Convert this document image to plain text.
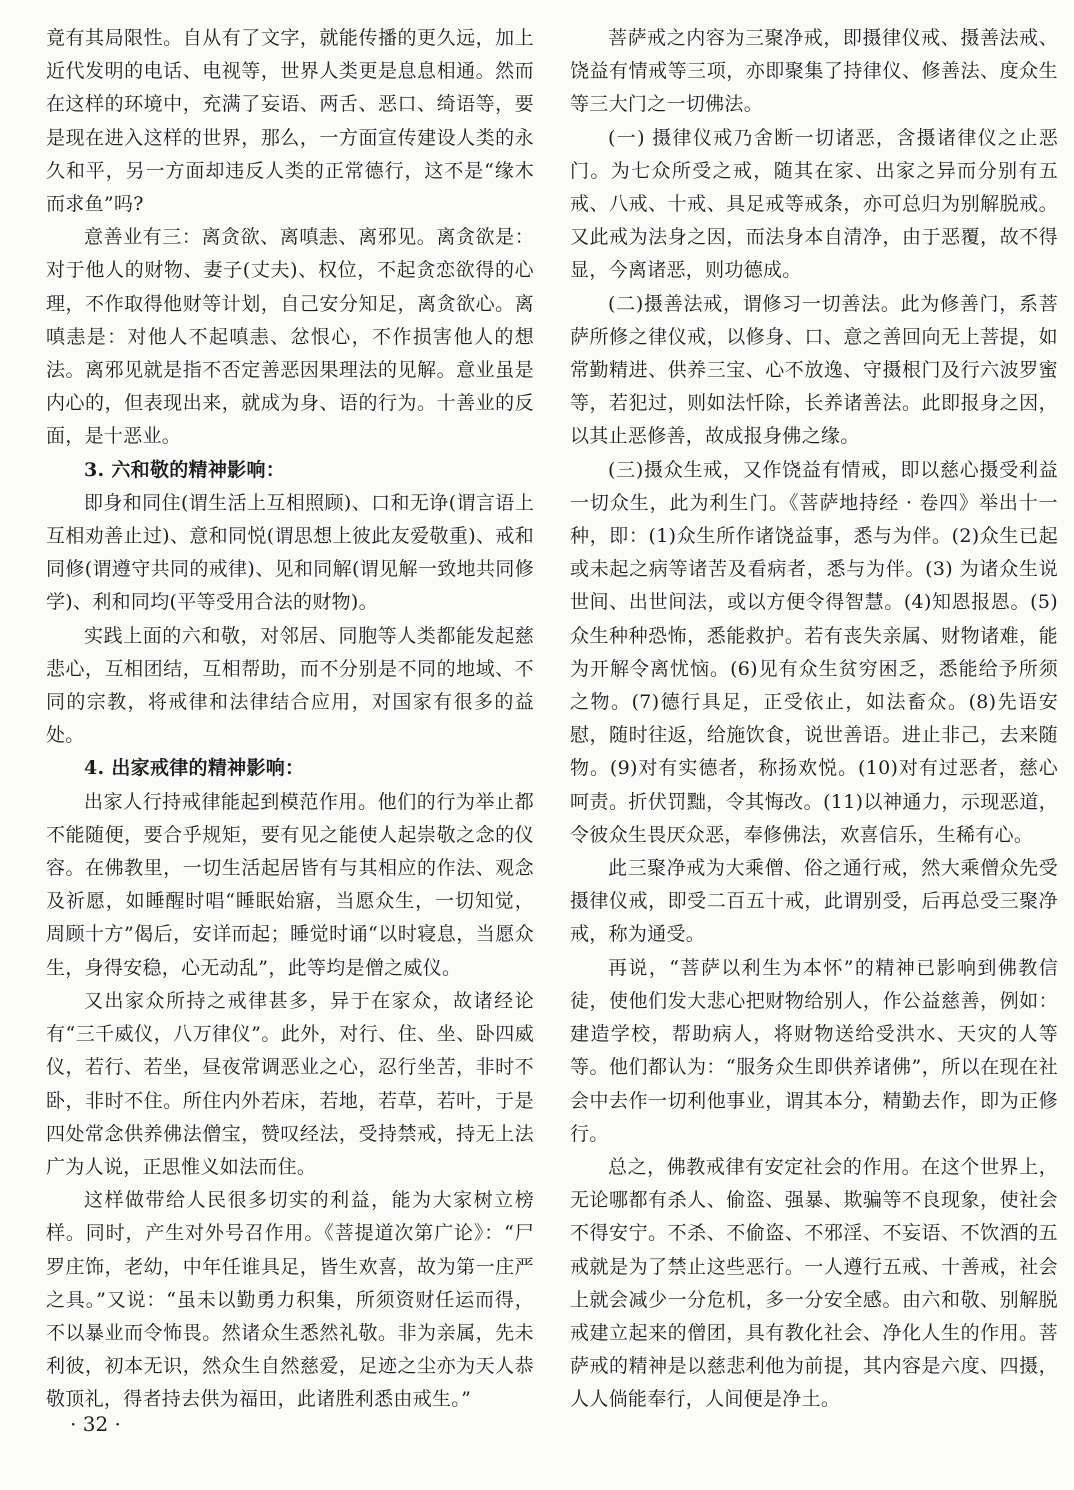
竟有其局限性。自从有了文字，就能传播的更久远，加上近代发明的电话、电视等，世界人类更是息息相通。然而在这样的环境中，充满了妄语、两舌、恶口、绮语等，要是现在进入这样的世界，那么，一方面宣传建设人类的永久和平，另一方面却违反人类的正常德行，这不是“缘木而求鱼”吗?

意善业有三：离贪欲、离嗔恚、离邪见。离贪欲是：对于他人的财物、妻子(丈夫)、权位，不起贪恋欲得的心理，不作取得他财等计划，自己安分知足，离贪欲心。离嗔恚是：对他人不起嗔恚、忿恨心，不作损害他人的想法。离邪见就是指不否定善恶因果理法的见解。意业虽是内心的，但表现出来，就成为身、语的行为。十善业的反面，是十恶业。

3. 六和敬的精神影响：

即身和同住(谓生活上互相照顾)、口和无诤(谓言语上互相劝善止过)、意和同悦(谓思想上彼此友爱敬重)、戒和同修(谓遵守共同的戒律)、见和同解(谓见解一致地共同修学)、利和同均(平等受用合法的财物)。

实践上面的六和敬，对邻居、同胞等人类都能发起慈悲心，互相团结，互相帮助，而不分别是不同的地域、不同的宗教，将戒律和法律结合应用，对国家有很多的益处。

4. 出家戒律的精神影响：

出家人行持戒律能起到模范作用。他们的行为举止都不能随便，要合乎规矩，要有见之能使人起崇敬之念的仪容。在佛教里，一切生活起居皆有与其相应的作法、观念及祈愿，如睡醒时唱“睡眠始寤，当愿众生，一切知觉，周顾十方”偈后，安详而起；睡觉时诵“以时寝息，当愿众生，身得安稳，心无动乱”，此等均是僧之威仪。

又出家众所持之戒律甚多，异于在家众，故诸经论有“三千威仪，八万律仪”。此外，对行、住、坐、卧四威仪，若行、若坐，昼夜常调恶业之心，忍行坐苦，非时不卧，非时不住。所住内外若床，若地，若草，若叶，于是四处常念供养佛法僧宝，赞叹经法，受持禁戒，持无上法广为人说，正思惟义如法而住。

这样做带给人民很多切实的利益，能为大家树立榜样。同时，产生对外号召作用。《菩提道次第广论》：“尸罗庄饰，老幼，中年任谁具足，皆生欢喜，故为第一庄严之具。”又说：“虽未以勤勇力积集，所须资财任运而得，不以暴业而令怖畏。然诸众生悉然礼敬。非为亲属，先未利彼，初本无识，然众生自然慈爱，足迹之尘亦为天人恭敬顶礼，得者持去供为福田，此诸胜利悉由戒生。”

菩萨戒之内容为三聚净戒，即摄律仪戒、摄善法戒、饶益有情戒等三项，亦即聚集了持律仪、修善法、度众生等三大门之一切佛法。

(一) 摄律仪戒乃舍断一切诸恶，含摄诸律仪之止恶门。为七众所受之戒，随其在家、出家之异而分别有五戒、八戒、十戒、具足戒等戒条，亦可总归为别解脱戒。又此戒为法身之因，而法身本自清净，由于恶覆，故不得显，今离诸恶，则功德成。

(二)摄善法戒，谓修习一切善法。此为修善门，系菩萨所修之律仪戒，以修身、口、意之善回向无上菩提，如常勤精进、供养三宝、心不放逸、守摄根门及行六波罗蜜等，若犯过，则如法忏除，长养诸善法。此即报身之因，以其止恶修善，故成报身佛之缘。

(三)摄众生戒，又作饶益有情戒，即以慈心摄受利益一切众生，此为利生门。《菩萨地持经 · 卷四》举出十一种，即：(1)众生所作诸饶益事，悉与为伴。(2)众生已起或未起之病等诸苦及看病者，悉与为伴。(3) 为诸众生说世间、出世间法，或以方便令得智慧。(4)知恩报恩。(5)众生种种恐怖，悉能救护。若有丧失亲属、财物诸难，能为开解令离忧恼。(6)见有众生贫穷困乏，悉能给予所须之物。(7)德行具足，正受依止，如法畜众。(8)先语安慰，随时往返，给施饮食，说世善语。进止非己，去来随物。(9)对有实德者，称扬欢悦。(10)对有过恶者，慈心呵责。折伏罚黜，令其悔改。(11)以神通力，示现恶道，令彼众生畏厌众恶，奉修佛法，欢喜信乐，生稀有心。

此三聚净戒为大乘僧、俗之通行戒，然大乘僧众先受摄律仪戒，即受二百五十戒，此谓别受，后再总受三聚净戒，称为通受。

再说，“菩萨以利生为本怀”的精神已影响到佛教信徒，使他们发大悲心把财物给别人，作公益慈善，例如：建造学校，帮助病人，将财物送给受洪水、天灾的人等等。他们都认为：“服务众生即供养诸佛”，所以在现在社会中去作一切利他事业，谓其本分，精勤去作，即为正修行。

总之，佛教戒律有安定社会的作用。在这个世界上，无论哪都有杀人、偷盗、强暴、欺骗等不良现象，使社会不得安宁。不杀、不偷盗、不邪淫、不妄语、不饮酒的五戒就是为了禁止这些恶行。一人遵行五戒、十善戒，社会上就会减少一分危机，多一分安全感。由六和敬、别解脱戒建立起来的僧团，具有教化社会、净化人生的作用。菩萨戒的精神是以慈悲利他为前提，其内容是六度、四摄，人人倘能奉行，人间便是净土。

· 32 ·
